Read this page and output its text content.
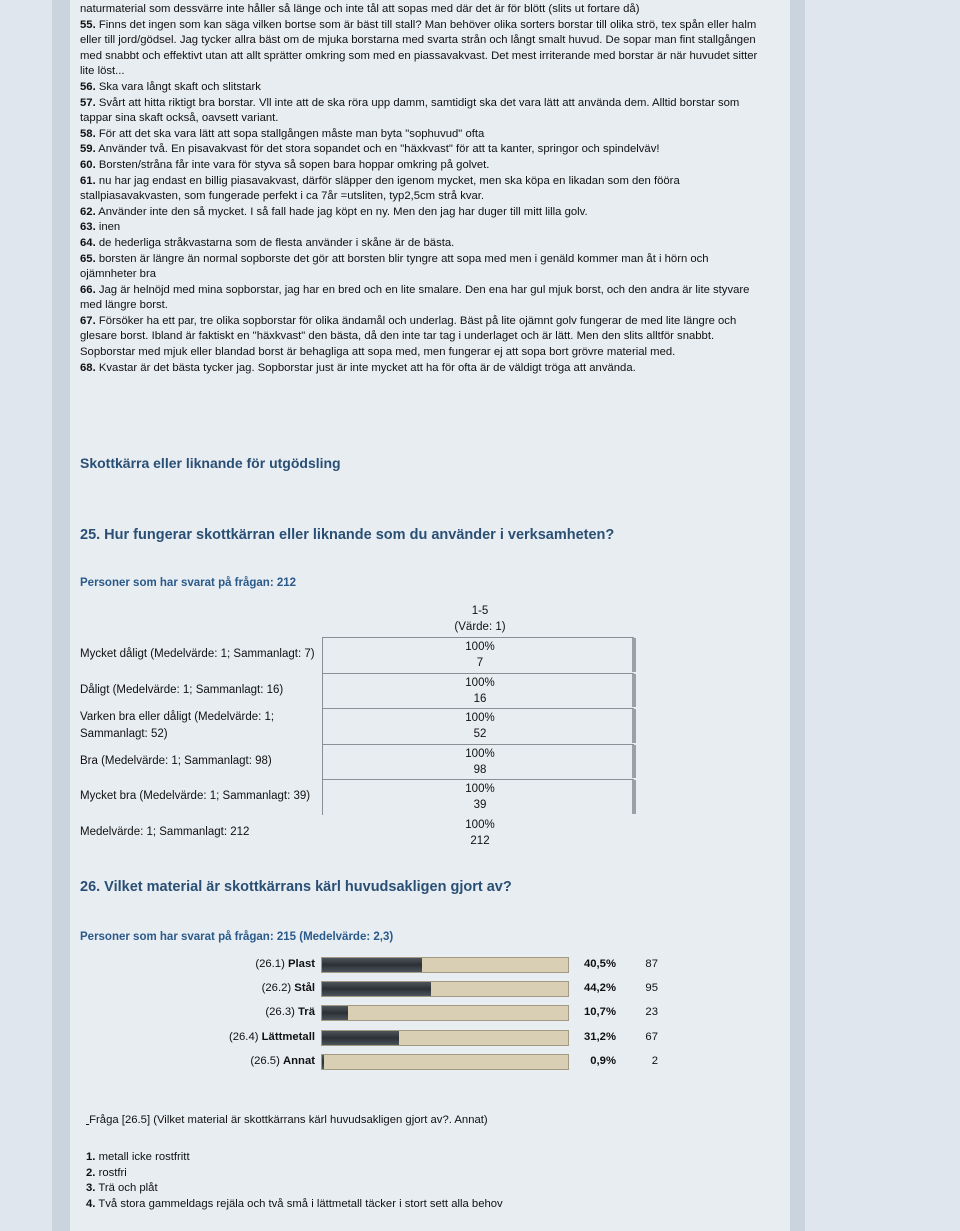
naturmaterial som dessvärre inte håller så länge och inte tål att sopas med där det är för blött (slits ut fortare då)

55. Finns det ingen som kan säga vilken bortse som är bäst till stall? Man behöver olika sorters borstar till olika strö, tex spån eller halm eller till jord/gödsel. Jag tycker allra bäst om de mjuka borstarna med svarta strån och långt smalt huvud. De sopar man fint stallgången med snabbt och effektivt utan att allt sprätter omkring som med en piassavakvast. Det mest irriterande med borstar är när huvudet sitter lite löst...

56. Ska vara långt skaft och slitstark

57. Svårt att hitta riktigt bra borstar. Vll inte att de ska röra upp damm, samtidigt ska det vara lätt att använda dem. Alltid borstar som tappar sina skaft också, oavsett variant.

58. För att det ska vara lätt att sopa stallgången måste man byta "sophuvud" ofta

59. Använder två. En pisavakvast för det stora sopandet och en "häxkvast" för att ta kanter, springor och spindelväv!

60. Borsten/stråna får inte vara för styva så sopen bara hoppar omkring på golvet.

61. nu har jag endast en billig piasavakvast, därför släpper den igenom mycket, men ska köpa en likadan som den fööra stallpiasavakvasten, som fungerade perfekt i ca 7år =utsliten, typ2,5cm strå kvar.

62. Använder inte den så mycket. I så fall hade jag köpt en ny. Men den jag har duger till mitt lilla golv.

63. inen

64. de hederliga stråkvastarna som de flesta använder i skåne är de bästa.

65. borsten är längre än normal sopborste det gör att borsten blir tyngre att sopa med men i genäld kommer man åt i hörn och ojämnheter bra

66. Jag är helnöjd med mina sopborstar, jag har en bred och en lite smalare. Den ena har gul mjuk borst, och den andra är lite styvare med längre borst.

67. Försöker ha ett par, tre olika sopborstar för olika ändamål och underlag. Bäst på lite ojämnt golv fungerar de med lite längre och glesare borst. Ibland är faktiskt en "häxkvast" den bästa, då den inte tar tag i underlaget och är lätt. Men den slits alltför snabbt. Sopborstar med mjuk eller blandad borst är behagliga att sopa med, men fungerar ej att sopa bort grövre material med.

68. Kvastar är det bästa tycker jag. Sopborstar just är inte mycket att ha för ofta är de väldigt tröga att använda.

Skottkärra eller liknande för utgödsling
25. Hur fungerar skottkärran eller liknande som du använder i verksamheten?
Personer som har svarat på frågan: 212
1-5
(Värde: 1)
Mycket dåligt (Medelvärde: 1; Sammanlagt: 7)
100%
7
Dåligt (Medelvärde: 1; Sammanlagt: 16)
100%
16
Varken bra eller dåligt (Medelvärde: 1; Sammanlagt: 52)
100%
52
Bra (Medelvärde: 1; Sammanlagt: 98)
100%
98
Mycket bra (Medelvärde: 1; Sammanlagt: 39)
100%
39
Medelvärde: 1; Sammanlagt: 212
100%
212
26. Vilket material är skottkärrans kärl huvudsakligen gjort av?
Personer som har svarat på frågan: 215 (Medelvärde: 2,3)
(26.1) Plast	40,5%	87
(26.2) Stål	44,2%	95
(26.3) Trä	10,7%	23
(26.4) Lättmetall	31,2%	67
(26.5) Annat	0,9%	2
Fråga [26.5] (Vilket material är skottkärrans kärl huvudsakligen gjort av?. Annat)
1. metall icke rostfritt
2. rostfri
3. Trä och plåt
4. Två stora gammeldags rejäla och två små i lättmetall täcker i stort sett alla behov
